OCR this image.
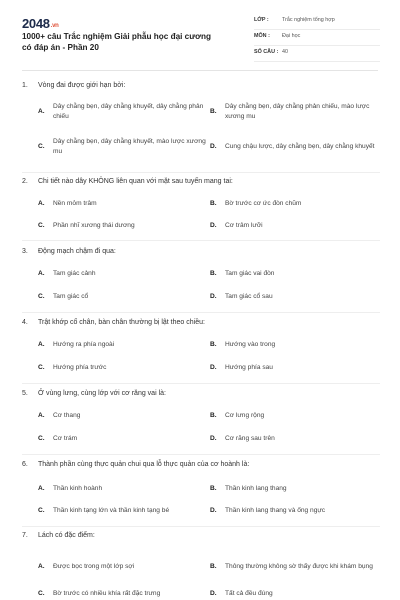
2048.vn
1000+ câu Trắc nghiệm Giải phẫu học đại cương có đáp án - Phần 20
LỚP : Trắc nghiệm tổng hợp
MÔN : Đại học
SỐ CÂU : 40
1. Vòng đai được giới hạn bởi:
A.
Dây chằng bẹn, dây chằng khuyết, dây chằng phản chiếu
B.
Dây chằng bẹn, dây chằng phản chiếu, mào lược xương mu
C.
Dây chằng bẹn, dây chằng khuyết, mào lược xương mu
D. Cung chậu lược, dây chằng bẹn, dây chằng khuyết
2. Chi tiết nào dây KHÔNG liên quan với mặt sau tuyến mang tai:
A. Nền mỏm trâm	B. Bờ trước cơ ức đòn chũm
C. Phần nhĩ xương thái dương	D. Cơ trâm lưỡi
3. Động mạch chậm đi qua:
A. Tam giác cảnh	B. Tam giác vai đòn
C. Tam giác cổ	D. Tam giác cổ sau
4. Trật khớp cổ chân, bàn chân thường bị lật theo chiều:
A. Hướng ra phía ngoài	B. Hướng vào trong
C. Hướng phía trước	D. Hướng phía sau
5. Ở vùng lưng, cùng lớp với cơ răng vai là:
A. Cơ thang	B. Cơ lưng rộng
C. Cơ trám	D. Cơ răng sau trên
6. Thành phần cùng thực quản chui qua lỗ thực quản của cơ hoành là:
A. Thần kinh hoành	B. Thần kinh lang thang
C. Thần kinh tạng lớn và thần kinh tạng bé	D. Thần kinh lang thang và ống ngực
7. Lách có đặc điểm:
A. Được bọc trong một lớp sợi	B. Thông thường không sờ thấy được khi khám bụng
C. Bờ trước có nhiều khía rất đặc trưng	D. Tất cả đều đúng
